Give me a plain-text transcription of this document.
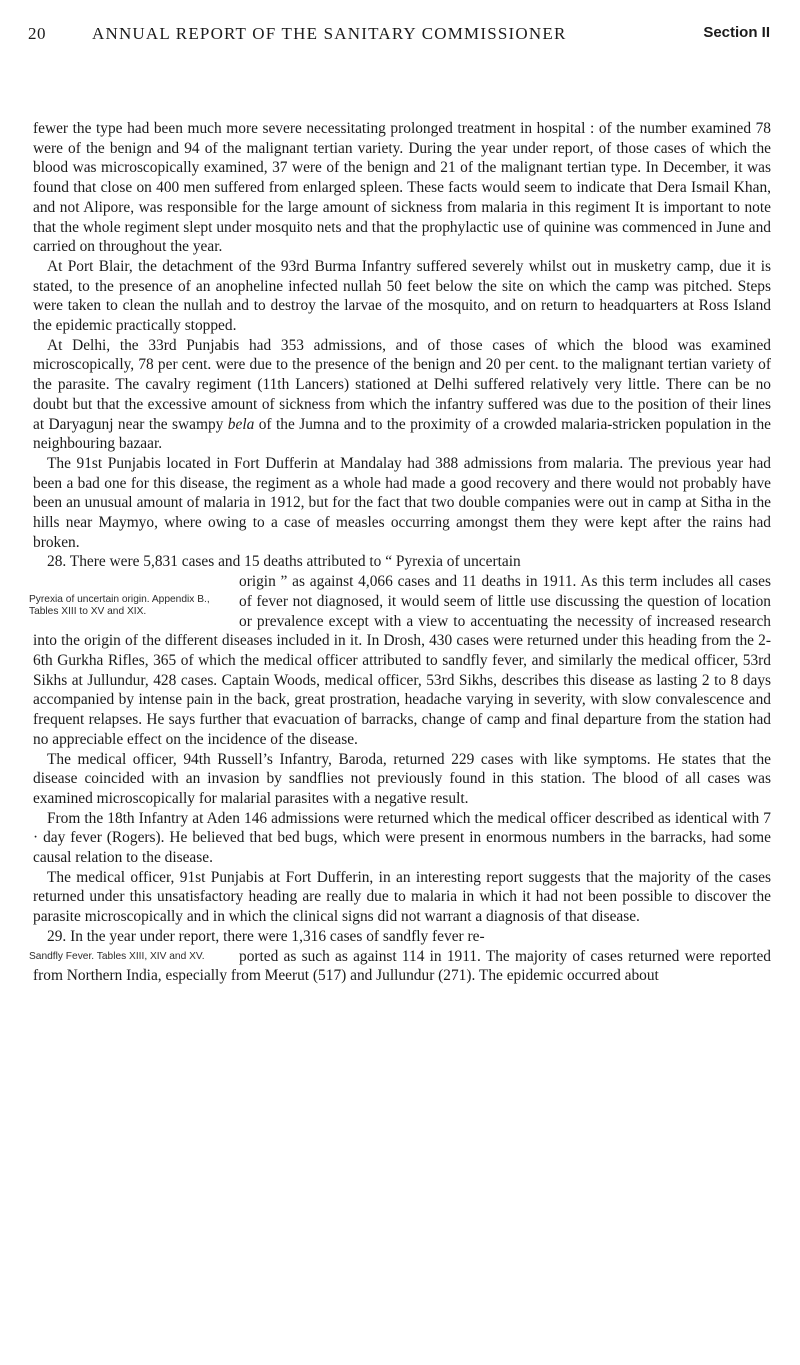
20	ANNUAL REPORT OF THE SANITARY COMMISSIONER	Section II

fewer the type had been much more severe necessitating prolonged treatment in hospital : of the number examined 78 were of the benign and 94 of the malignant tertian variety. During the year under report, of those cases of which the blood was microscopically examined, 37 were of the benign and 21 of the malignant tertian type. In December, it was found that close on 400 men suffered from enlarged spleen. These facts would seem to indicate that Dera Ismail Khan, and not Alipore, was responsible for the large amount of sickness from malaria in this regiment It is important to note that the whole regiment slept under mosquito nets and that the prophylactic use of quinine was commenced in June and carried on throughout the year.

At Port Blair, the detachment of the 93rd Burma Infantry suffered severely whilst out in musketry camp, due it is stated, to the presence of an anopheline infected nullah 50 feet below the site on which the camp was pitched. Steps were taken to clean the nullah and to destroy the larvae of the mosquito, and on return to headquarters at Ross Island the epidemic practically stopped.

At Delhi, the 33rd Punjabis had 353 admissions, and of those cases of which the blood was examined microscopically, 78 per cent. were due to the presence of the benign and 20 per cent. to the malignant tertian variety of the parasite. The cavalry regiment (11th Lancers) stationed at Delhi suffered relatively very little. There can be no doubt but that the excessive amount of sickness from which the infantry suffered was due to the position of their lines at Daryagunj near the swampy bela of the Jumna and to the proximity of a crowded malaria-stricken population in the neighbouring bazaar.

The 91st Punjabis located in Fort Dufferin at Mandalay had 388 admissions from malaria. The previous year had been a bad one for this disease, the regiment as a whole had made a good recovery and there would not probably have been an unusual amount of malaria in 1912, but for the fact that two double companies were out in camp at Sitha in the hills near Maymyo, where owing to a case of measles occurring amongst them they were kept after the rains had broken.

28. There were 5,831 cases and 15 deaths attributed to “ Pyrexia of uncertain

Pyrexia of uncertain origin. Appendix B., Tables XIII to XV and XIX.

origin ” as against 4,066 cases and 11 deaths in 1911. As this term includes all cases of fever not diagnosed, it would seem of little use discussing the question of location or prevalence except with a view to accentuating the necessity of increased research into the origin of the different diseases included in it. In Drosh, 430 cases were returned under this heading from the 2-6th Gurkha Rifles, 365 of which the medical officer attributed to sandfly fever, and similarly the medical officer, 53rd Sikhs at Jullundur, 428 cases. Captain Woods, medical officer, 53rd Sikhs, describes this disease as lasting 2 to 8 days accompanied by intense pain in the back, great prostration, headache varying in severity, with slow convalescence and frequent relapses. He says further that evacuation of barracks, change of camp and final departure from the station had no appreciable effect on the incidence of the disease.

The medical officer, 94th Russell’s Infantry, Baroda, returned 229 cases with like symptoms. He states that the disease coincided with an invasion by sandflies not previously found in this station. The blood of all cases was examined microscopically for malarial parasites with a negative result.

From the 18th Infantry at Aden 146 admissions were returned which the medical officer described as identical with 7 · day fever (Rogers). He believed that bed bugs, which were present in enormous numbers in the barracks, had some causal relation to the disease.

The medical officer, 91st Punjabis at Fort Dufferin, in an interesting report suggests that the majority of the cases returned under this unsatisfactory heading are really due to malaria in which it had not been possible to discover the parasite microscopically and in which the clinical signs did not warrant a diagnosis of that disease.

29. In the year under report, there were 1,316 cases of sandfly fever re-

Sandfly Fever. Tables XIII, XIV and XV.	ported as such as against 114 in 1911. The majority of cases returned were reported from Northern India, especially from Meerut (517) and Jullundur (271). The epidemic occurred about
